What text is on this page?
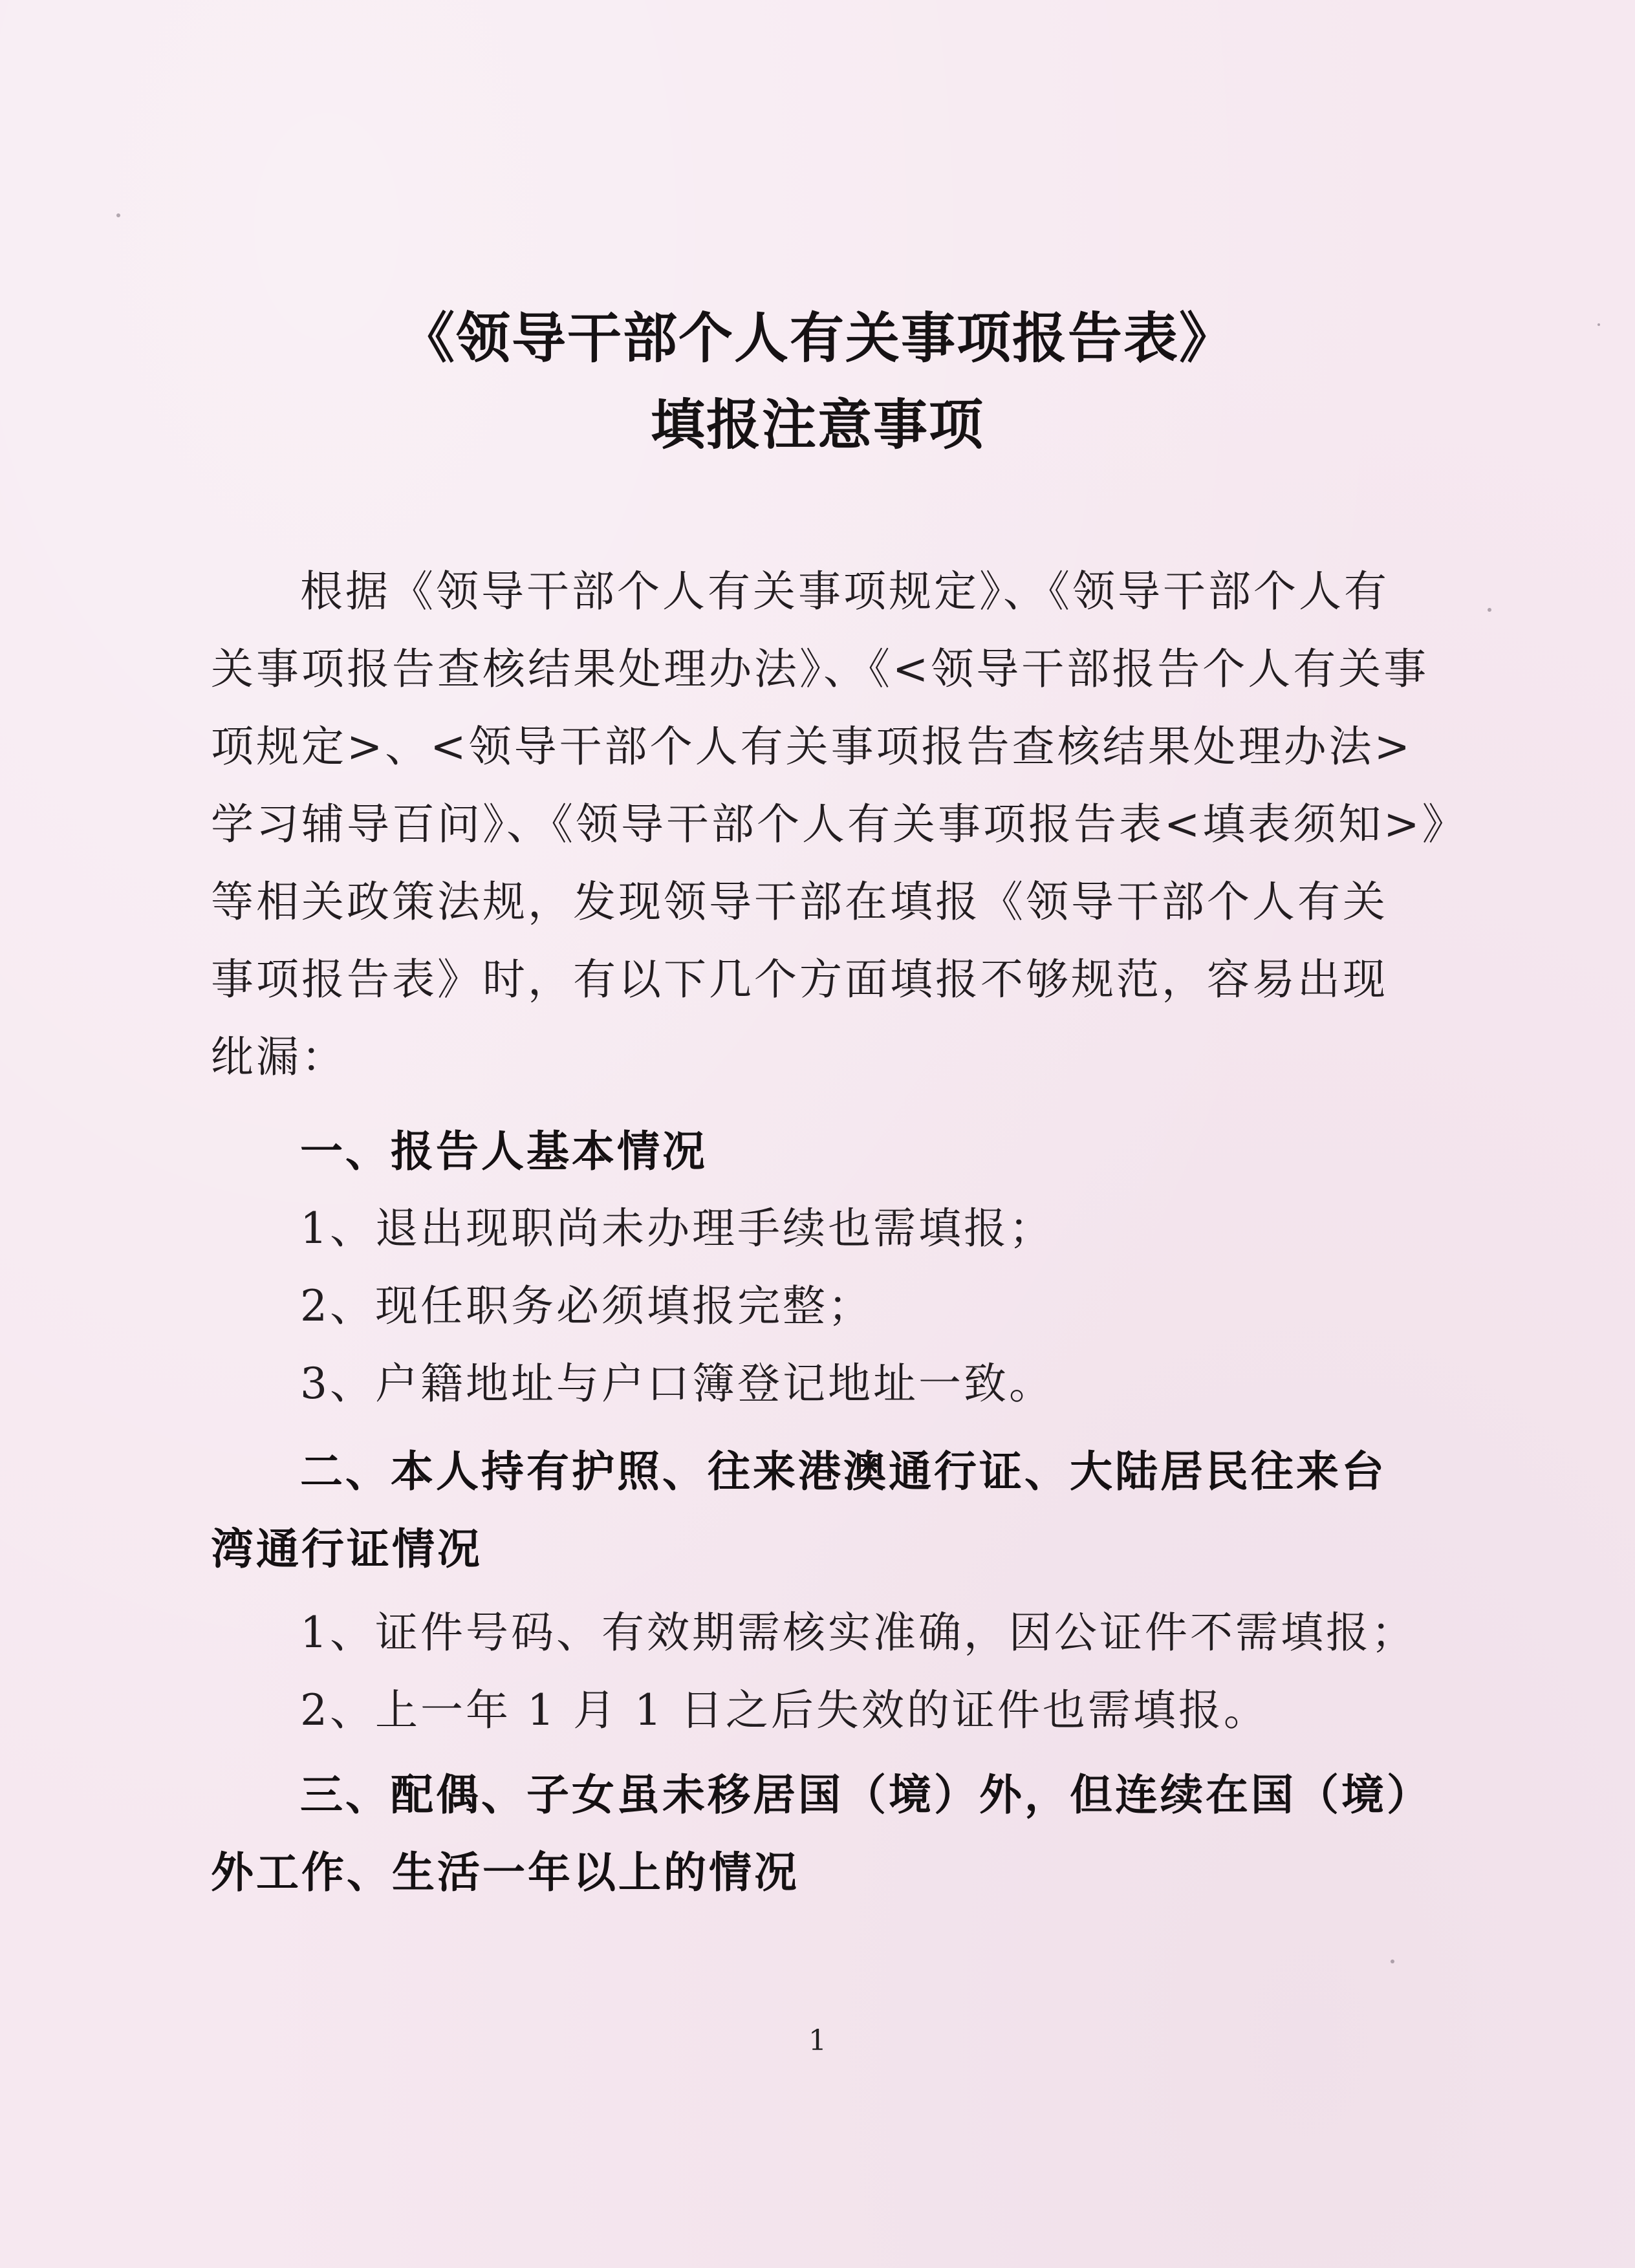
《领导干部个人有关事项报告表》
填报注意事项

根据《领导干部个人有关事项规定》、《领导干部个人有

关事项报告查核结果处理办法》、《<领导干部报告个人有关事

项规定>、<领导干部个人有关事项报告查核结果处理办法>

学习辅导百问》、《领导干部个人有关事项报告表<填表须知>》

等相关政策法规，发现领导干部在填报《领导干部个人有关

事项报告表》时，有以下几个方面填报不够规范，容易出现

纰漏：

一、报告人基本情况

1、退出现职尚未办理手续也需填报；

2、现任职务必须填报完整；

3、户籍地址与户口簿登记地址一致。

二、本人持有护照、往来港澳通行证、大陆居民往来台

湾通行证情况

1、证件号码、有效期需核实准确，因公证件不需填报；

2、上一年 1 月 1 日之后失效的证件也需填报。

三、配偶、子女虽未移居国（境）外，但连续在国（境）

外工作、生活一年以上的情况

1
